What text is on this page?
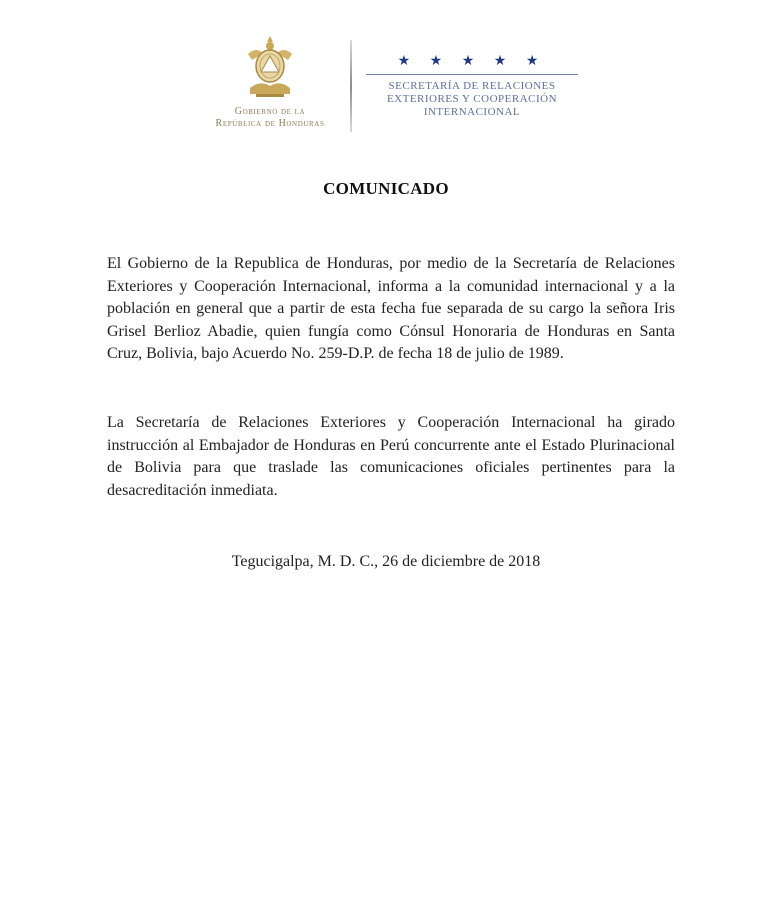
Gobierno de la
República de Honduras
★ ★ ★ ★ ★
SECRETARÍA DE RELACIONES
EXTERIORES Y COOPERACIÓN
INTERNACIONAL
COMUNICADO

El Gobierno de la Republica de Honduras, por medio de la Secretaría de Relaciones Exteriores y Cooperación Internacional, informa a la comunidad internacional y a la población en general que a partir de esta fecha fue separada de su cargo la señora Iris Grisel Berlioz Abadie, quien fungía como Cónsul Honoraria de Honduras en Santa Cruz, Bolivia, bajo Acuerdo No. 259-D.P. de fecha 18 de julio de 1989.

La Secretaría de Relaciones Exteriores y Cooperación Internacional ha girado instrucción al Embajador de Honduras en Perú concurrente ante el Estado Plurinacional de Bolivia para que traslade las comunicaciones oficiales pertinentes para la desacreditación inmediata.

Tegucigalpa, M. D. C., 26 de diciembre de 2018
